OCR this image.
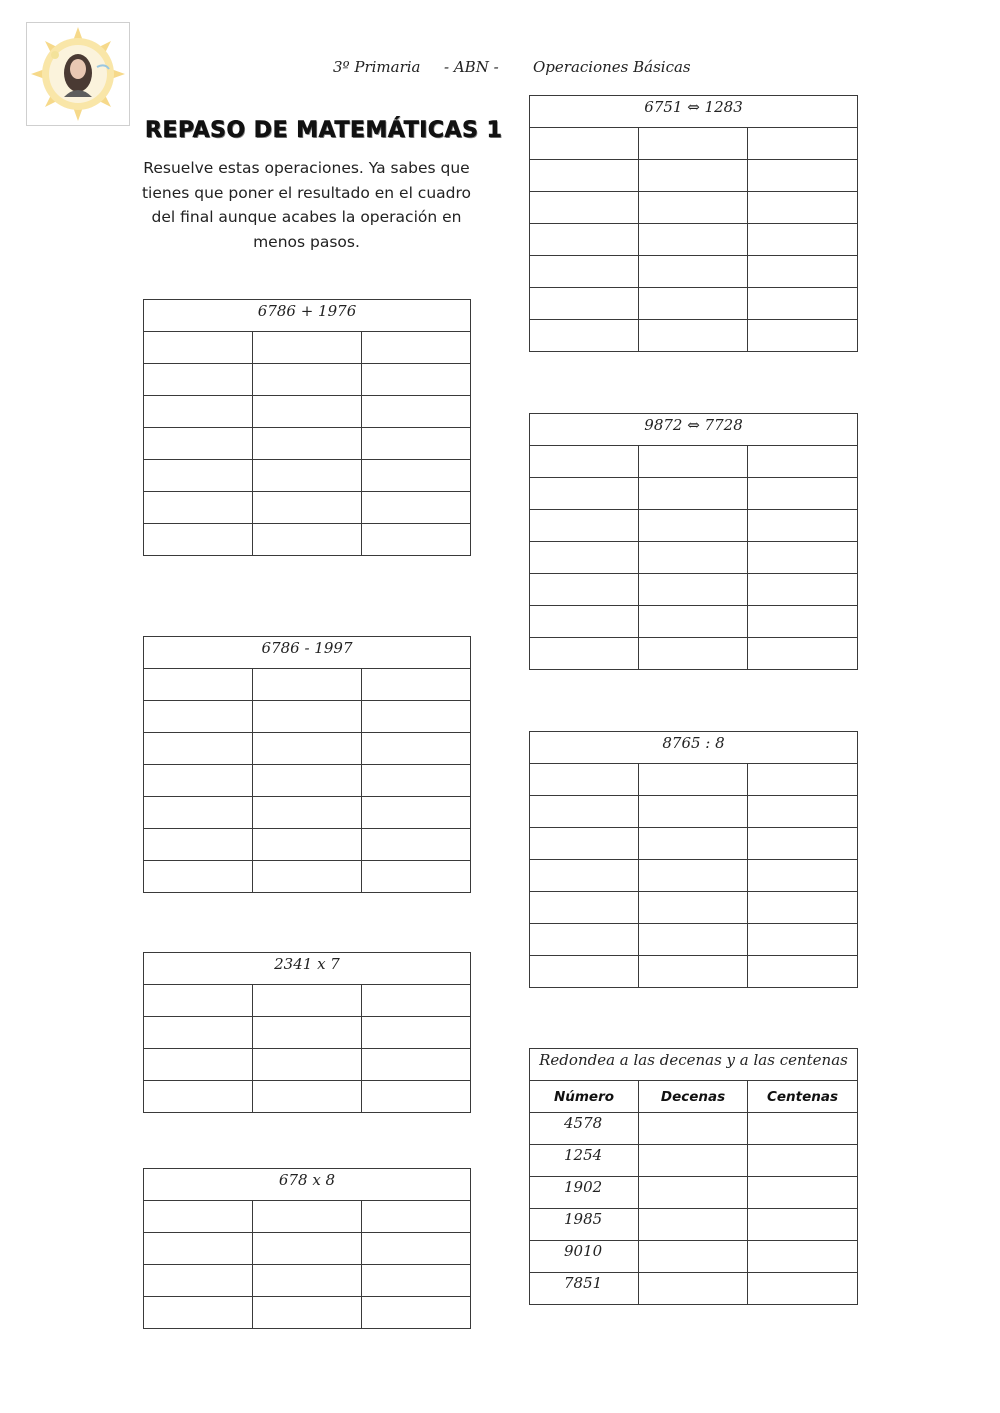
3º Primaria - ABN - Operaciones Básicas
REPASO DE MATEMÁTICAS 1

Resuelve estas operaciones. Ya sabes que tienes que poner el resultado en el cuadro del final aunque acabes la operación en menos pasos.

6786 + 1976		

6786 - 1997		

2341 x 7		

678 x 8		

6751 ⇔ 1283		

9872 ⇔ 7728		

8765 : 8		

Redondea a las decenas y a las centenas		
Número	Decenas	Centenas
4578		
1254		
1902		
1985		
9010		
7851		
